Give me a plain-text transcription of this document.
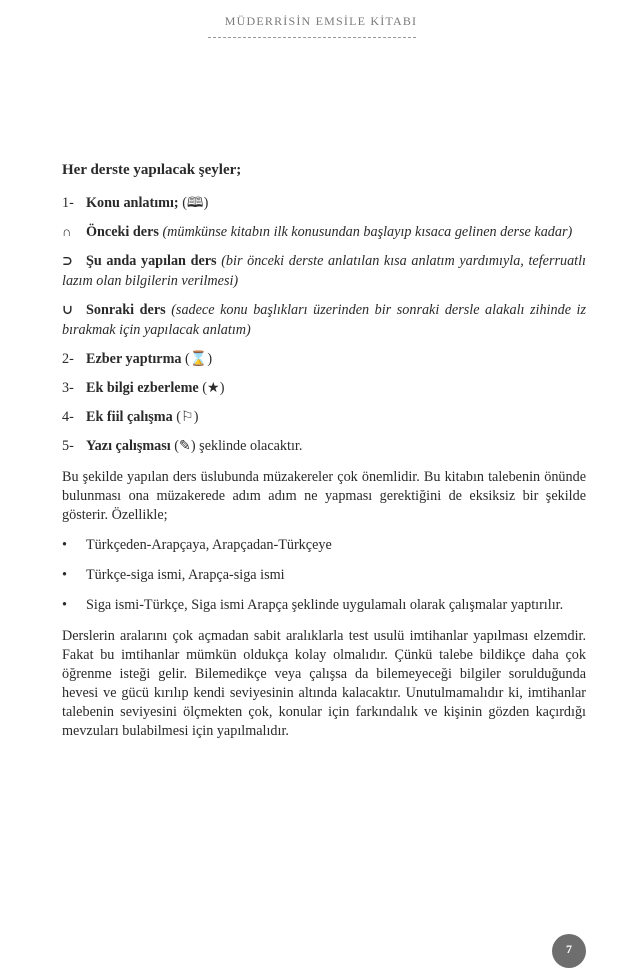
MÜDERRİSİN EMSİLE KİTABI
Her derste yapılacak şeyler;
1- Konu anlatımı; (🕮)
∩ Önceki ders (mümkünse kitabın ilk konusundan başlayıp kısaca gelinen derse kadar)
⊃ Şu anda yapılan ders (bir önceki derste anlatılan kısa anlatım yardımıyla, teferruatlı lazım olan bilgilerin verilmesi)
∪ Sonraki ders (sadece konu başlıkları üzerinden bir sonraki dersle alakalı zihinde iz bırakmak için yapılacak anlatım)
2- Ezber yaptırma (⌛)
3- Ek bilgi ezberleme (★)
4- Ek fiil çalışma (⚐)
5- Yazı çalışması (✎) şeklinde olacaktır.

Bu şekilde yapılan ders üslubunda müzakereler çok önemlidir. Bu kitabın talebenin önünde bulunması ona müzakerede adım adım ne yapması gerektiğini de eksiksiz bir şekilde gösterir. Özellikle;

• Türkçeden-Arapçaya, Arapçadan-Türkçeye
• Türkçe-siga ismi, Arapça-siga ismi
• Siga ismi-Türkçe, Siga ismi Arapça şeklinde uygulamalı olarak çalışmalar yaptırılır.

Derslerin aralarını çok açmadan sabit aralıklarla test usulü imtihanlar yapılması elzemdir. Fakat bu imtihanlar mümkün oldukça kolay olmalıdır. Çünkü talebe bildikçe daha çok öğrenme isteği gelir. Bilemedikçe veya çalışsa da bilemeyeceği bilgiler sorulduğunda hevesi ve gücü kırılıp kendi seviyesinin altında kalacaktır. Unutulmamalıdır ki, imtihanlar talebenin seviyesini ölçmekten çok, konular için farkındalık ve kişinin gözden kaçırdığı mevzuları bulabilmesi için yapılmalıdır.

7
